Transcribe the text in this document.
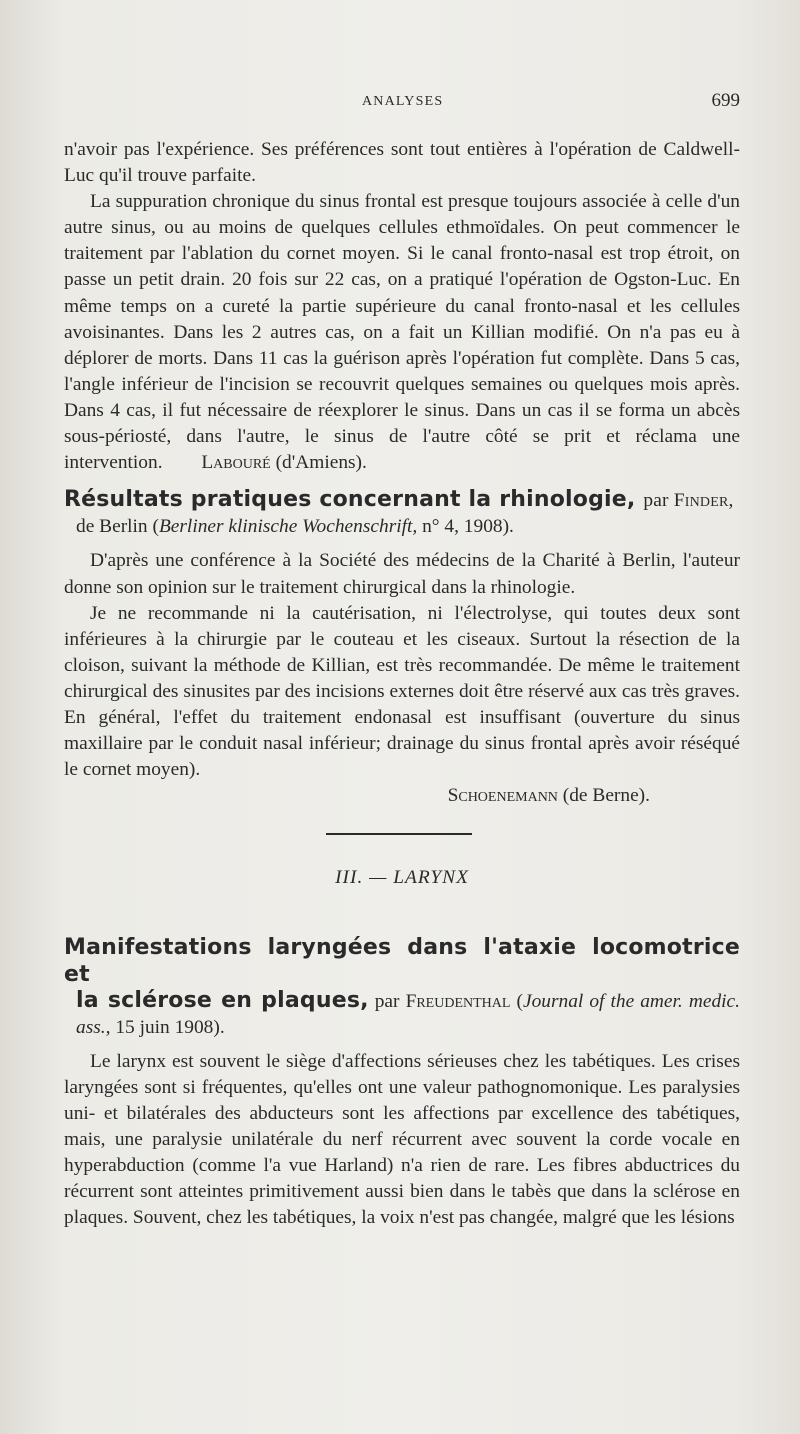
ANALYSES	699

n'avoir pas l'expérience. Ses préférences sont tout entières à l'opération de Caldwell-Luc qu'il trouve parfaite.

La suppuration chronique du sinus frontal est presque toujours associée à celle d'un autre sinus, ou au moins de quelques cellules ethmoïdales. On peut commencer le traitement par l'ablation du cornet moyen. Si le canal fronto-nasal est trop étroit, on passe un petit drain. 20 fois sur 22 cas, on a pratiqué l'opération de Ogston-Luc. En même temps on a cureté la partie supérieure du canal fronto-nasal et les cellules avoisinantes. Dans les 2 autres cas, on a fait un Killian modifié. On n'a pas eu à déplorer de morts. Dans 11 cas la guérison après l'opération fut complète. Dans 5 cas, l'angle inférieur de l'incision se recouvrit quelques semaines ou quelques mois après. Dans 4 cas, il fut nécessaire de réexplorer le sinus. Dans un cas il se forma un abcès sous-périosté, dans l'autre, le sinus de l'autre côté se prit et réclama une intervention. Labouré (d'Amiens).

Résultats pratiques concernant la rhinologie, par Finder,

de Berlin (Berliner klinische Wochenschrift, n° 4, 1908).

D'après une conférence à la Société des médecins de la Charité à Berlin, l'auteur donne son opinion sur le traitement chirurgical dans la rhinologie.

Je ne recommande ni la cautérisation, ni l'électrolyse, qui toutes deux sont inférieures à la chirurgie par le couteau et les ciseaux. Surtout la résection de la cloison, suivant la méthode de Killian, est très recommandée. De même le traitement chirurgical des sinusites par des incisions externes doit être réservé aux cas très graves. En général, l'effet du traitement endonasal est insuffisant (ouverture du sinus maxillaire par le conduit nasal inférieur; drainage du sinus frontal après avoir réséqué le cornet moyen).

Schoenemann (de Berne).

III. — LARYNX
Manifestations laryngées dans l'ataxie locomotrice et

la sclérose en plaques, par Freudenthal (Journal of the amer. medic. ass., 15 juin 1908).

Le larynx est souvent le siège d'affections sérieuses chez les tabétiques. Les crises laryngées sont si fréquentes, qu'elles ont une valeur pathognomonique. Les paralysies uni- et bilatérales des abducteurs sont les affections par excellence des tabétiques, mais, une paralysie unilatérale du nerf récurrent avec souvent la corde vocale en hyperabduction (comme l'a vue Harland) n'a rien de rare. Les fibres abductrices du récurrent sont atteintes primitivement aussi bien dans le tabès que dans la sclérose en plaques. Souvent, chez les tabétiques, la voix n'est pas changée, malgré que les lésions
